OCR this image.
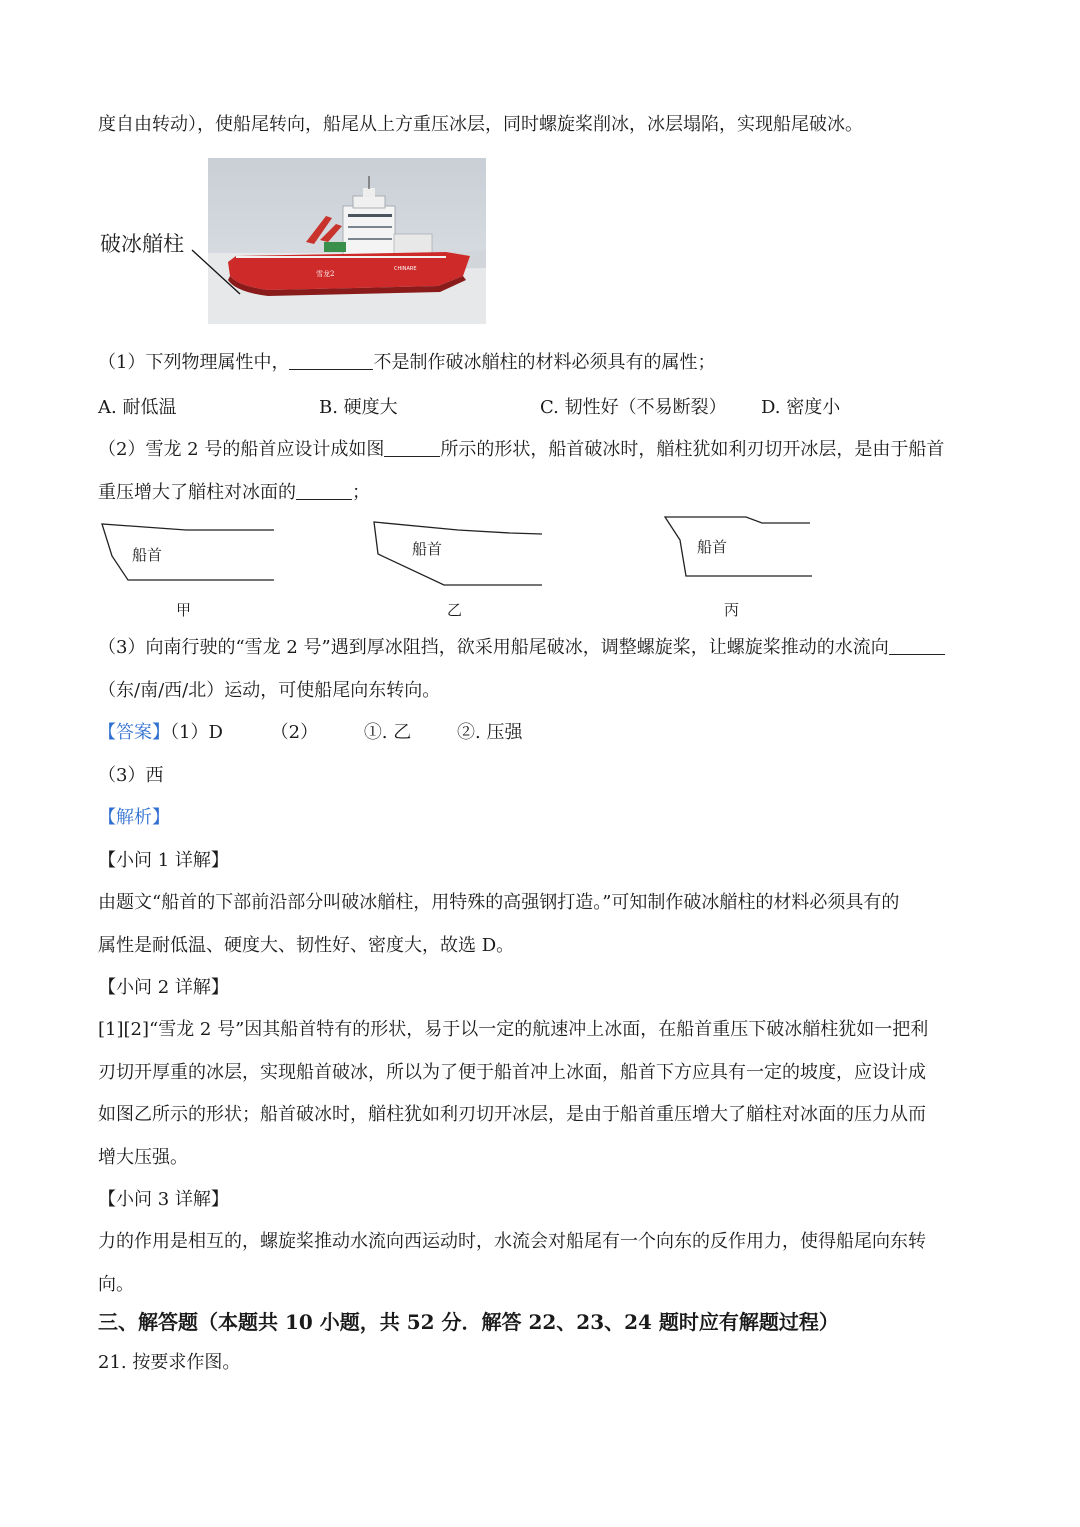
度自由转动），使船尾转向，船尾从上方重压冰层，同时螺旋桨削冰，冰层塌陷，实现船尾破冰。
破冰艏柱
雪龙2
CHINARE
（1）下列物理属性中，	不是制作破冰艏柱的材料必须具有的属性；
A. 耐低温	B. 硬度大	C. 韧性好（不易断裂） D. 密度小
（2）雪龙 2 号的船首应设计成如图	所示的形状，船首破冰时，艏柱犹如利刃切开冰层，是由于船首
重压增大了艏柱对冰面的	；
船首
甲
船首
乙
船首
丙
（3）向南行驶的“雪龙 2 号”遇到厚冰阻挡，欲采用船尾破冰，调整螺旋桨，让螺旋桨推动的水流向
（东/南/西/北）运动，可使船尾向东转向。
【答案】（1）D	（2）	①. 乙	②. 压强
（3）西
【解析】
【小问 1 详解】
由题文“船首的下部前沿部分叫破冰艏柱，用特殊的高强钢打造。”可知制作破冰艏柱的材料必须具有的
属性是耐低温、硬度大、韧性好、密度大，故选 D。
【小问 2 详解】
[1][2]“雪龙 2 号”因其船首特有的形状，易于以一定的航速冲上冰面，在船首重压下破冰艏柱犹如一把利
刃切开厚重的冰层，实现船首破冰，所以为了便于船首冲上冰面，船首下方应具有一定的坡度，应设计成
如图乙所示的形状；船首破冰时，艏柱犹如利刃切开冰层，是由于船首重压增大了艏柱对冰面的压力从而
增大压强。
【小问 3 详解】
力的作用是相互的，螺旋桨推动水流向西运动时，水流会对船尾有一个向东的反作用力，使得船尾向东转
向。
三、解答题（本题共 10 小题，共 52 分．解答 22、23、24 题时应有解题过程）
21. 按要求作图。
